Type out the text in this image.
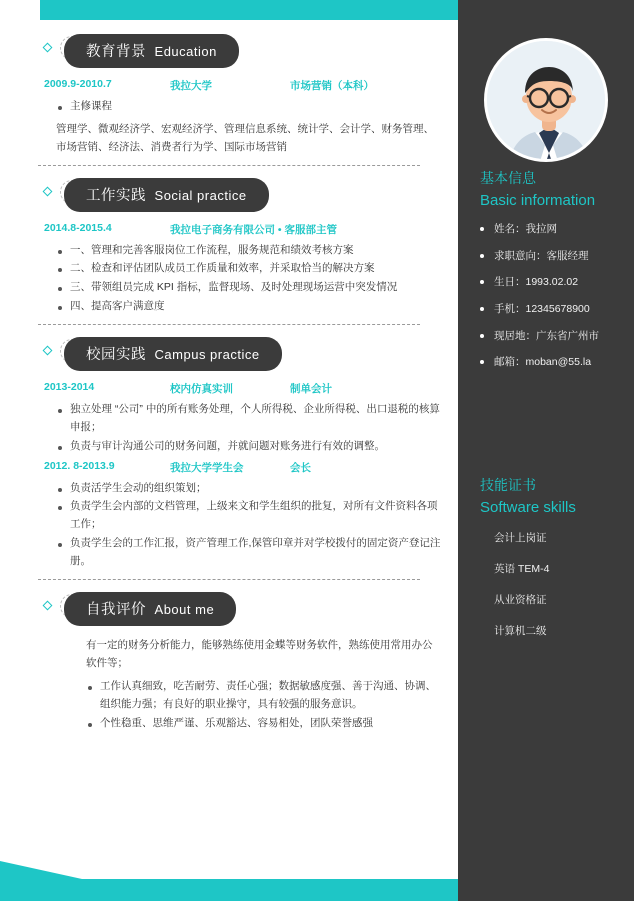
教育背景 Education
2009.9-2010.7	我拉大学	市场营销（本科）
主修课程

管理学、微观经济学、宏观经济学、管理信息系统、统计学、会计学、财务管理、市场营销、经济法、消费者行为学、国际市场营销

工作实践 Social practice
2014.8-2015.4	我拉电子商务有限公司 • 客服部主管
一、管理和完善客服岗位工作流程，服务规范和绩效考核方案
二、检查和评估团队成员工作质量和效率，并采取恰当的解决方案
三、带领组员完成 KPI 指标，监督现场、及时处理现场运营中突发情况
四、提高客户满意度
校园实践 Campus practice
2013-2014	校内仿真实训	制单会计
独立处理 “公司” 中的所有账务处理，个人所得税、企业所得税、出口退税的核算申报；
负责与审计沟通公司的财务问题，并就问题对账务进行有效的调整。
2012. 8-2013.9	我拉大学学生会	会长
负责活学生会动的组织策划；
负责学生会内部的文档管理，上级来文和学生组织的批复，对所有文件资料各项工作；
负责学生会的工作汇报，资产管理工作,保管印章并对学校拨付的固定资产登记注册。
自我评价 About me

有一定的财务分析能力，能够熟练使用金蝶等财务软件，熟练使用常用办公软件等；

工作认真细致，吃苦耐劳、责任心强；数据敏感度强、善于沟通、协调、组织能力强；有良好的职业操守，具有较强的服务意识。
个性稳重、思维严谨、乐观豁达、容易相处，团队荣誉感强
基本信息
Basic information
姓名：我拉网
求职意向：客服经理
生日：1993.02.02
手机：12345678900
现居地：广东省广州市
邮箱：moban@55.la
技能证书
Software skills
会计上岗证
英语 TEM-4
从业资格证
计算机二级
